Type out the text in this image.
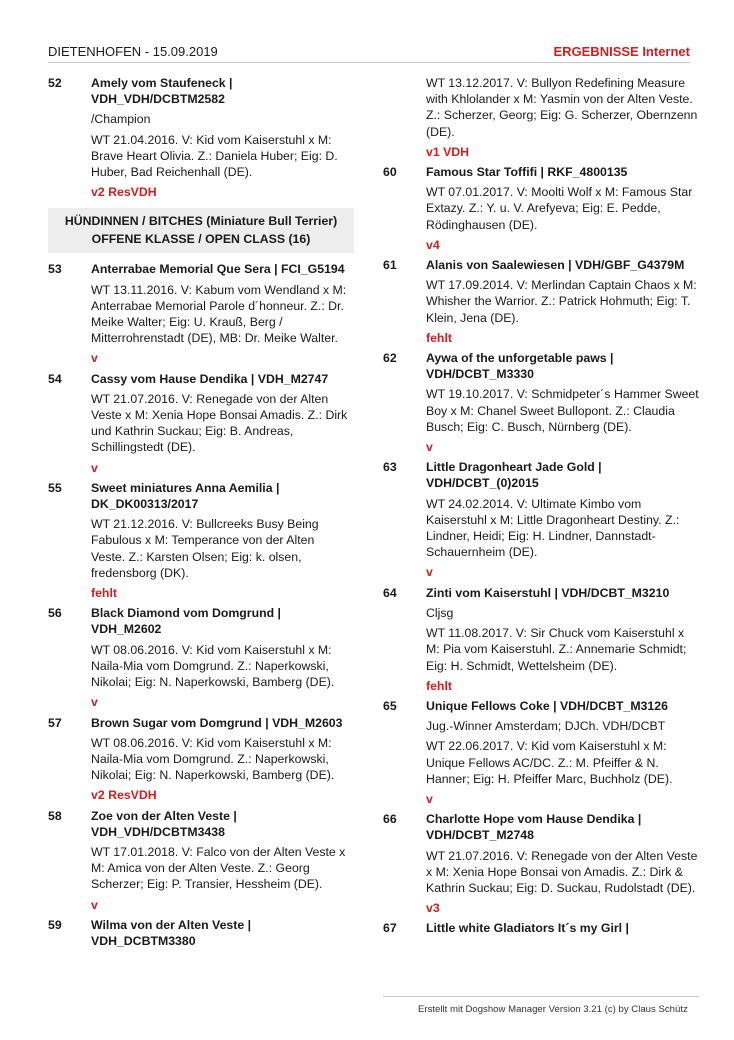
DIETENHOFEN - 15.09.2019	ERGEBNISSE Internet
52 Amely vom Staufeneck | VDH_VDH/DCBTM2582
/Champion
WT 21.04.2016. V: Kid vom Kaiserstuhl x M: Brave Heart Olivia. Z.: Daniela Huber; Eig: D. Huber, Bad Reichenhall (DE).
v2 ResVDH
HÜNDINNEN / BITCHES (Miniature Bull Terrier)
OFFENE KLASSE / OPEN CLASS (16)
53 Anterrabae Memorial Que Sera | FCI_G5194
WT 13.11.2016. V: Kabum vom Wendland x M: Anterrabae Memorial Parole d´honneur. Z.: Dr. Meike Walter; Eig: U. Krauß, Berg / Mitterrohrenstadt (DE), MB: Dr. Meike Walter.
v
54 Cassy vom Hause Dendika | VDH_M2747
WT 21.07.2016. V: Renegade von der Alten Veste x M: Xenia Hope Bonsai Amadis. Z.: Dirk und Kathrin Suckau; Eig: B. Andreas, Schillingstedt (DE).
v
55 Sweet miniatures Anna Aemilia | DK_DK00313/2017
WT 21.12.2016. V: Bullcreeks Busy Being Fabulous x M: Temperance von der Alten Veste. Z.: Karsten Olsen; Eig: k. olsen, fredensborg (DK).
fehlt
56 Black Diamond vom Domgrund | VDH_M2602
WT 08.06.2016. V: Kid vom Kaiserstuhl x M: Naila-Mia vom Domgrund. Z.: Naperkowski, Nikolai; Eig: N. Naperkowski, Bamberg (DE).
v
57 Brown Sugar vom Domgrund | VDH_M2603
WT 08.06.2016. V: Kid vom Kaiserstuhl x M: Naila-Mia vom Domgrund. Z.: Naperkowski, Nikolai; Eig: N. Naperkowski, Bamberg (DE).
v2 ResVDH
58 Zoe von der Alten Veste | VDH_VDH/DCBTM3438
WT 17.01.2018. V: Falco von der Alten Veste x M: Amica von der Alten Veste. Z.: Georg Scherzer; Eig: P. Transier, Hessheim (DE).
v
59 Wilma von der Alten Veste | VDH_DCBTM3380
WT 13.12.2017. V: Bullyon Redefining Measure with Khlolander x M: Yasmin von der Alten Veste. Z.: Scherzer, Georg; Eig: G. Scherzer, Obernzenn (DE).
v1 VDH
60 Famous Star Toffifi | RKF_4800135
WT 07.01.2017. V: Moolti Wolf x M: Famous Star Extazy. Z.: Y. u. V. Arefyeva; Eig: E. Pedde, Rödinghausen (DE).
v4
61 Alanis von Saalewiesen | VDH/GBF_G4379M
WT 17.09.2014. V: Merlindan Captain Chaos x M: Whisher the Warrior. Z.: Patrick Hohmuth; Eig: T. Klein, Jena (DE).
fehlt
62 Aywa of the unforgetable paws | VDH/DCBT_M3330
WT 19.10.2017. V: Schmidpeter´s Hammer Sweet Boy x M: Chanel Sweet Bullopont. Z.: Claudia Busch; Eig: C. Busch, Nürnberg (DE).
v
63 Little Dragonheart Jade Gold | VDH/DCBT_(0)2015
WT 24.02.2014. V: Ultimate Kimbo vom Kaiserstuhl x M: Little Dragonheart Destiny. Z.: Lindner, Heidi; Eig: H. Lindner, Dannstadt-Schauernheim (DE).
v
64 Zinti vom Kaiserstuhl | VDH/DCBT_M3210
Cljsg
WT 11.08.2017. V: Sir Chuck vom Kaiserstuhl x M: Pia vom Kaiserstuhl. Z.: Annemarie Schmidt; Eig: H. Schmidt, Wettelsheim (DE).
fehlt
65 Unique Fellows Coke | VDH/DCBT_M3126
Jug.-Winner Amsterdam; DJCh. VDH/DCBT
WT 22.06.2017. V: Kid vom Kaiserstuhl x M: Unique Fellows AC/DC. Z.: M. Pfeiffer & N. Hanner; Eig: H. Pfeiffer Marc, Buchholz (DE).
v
66 Charlotte Hope vom Hause Dendika | VDH/DCBT_M2748
WT 21.07.2016. V: Renegade von der Alten Veste x M: Xenia Hope Bonsai von Amadis. Z.: Dirk & Kathrin Suckau; Eig: D. Suckau, Rudolstadt (DE).
v3
67 Little white Gladiators It´s my Girl |
Erstellt mit Dogshow Manager Version 3.21 (c) by Claus Schütz
